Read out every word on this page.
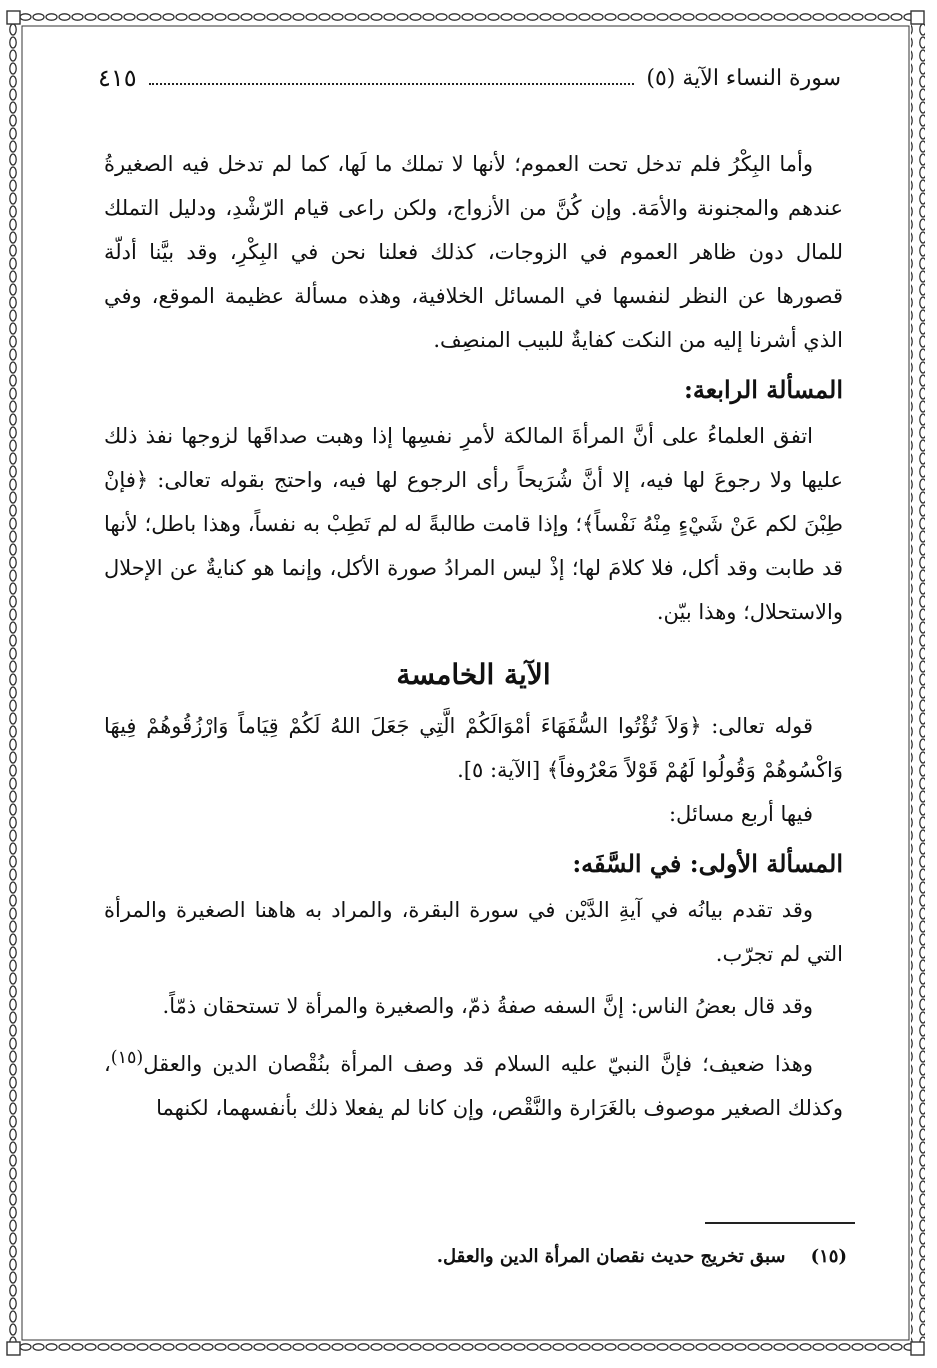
سورة النساء الآية (٥)
٤١٥

وأما البِكْرُ فلم تدخل تحت العموم؛ لأنها لا تملك ما لَها، كما لم تدخل فيه الصغيرةُ عندهم والمجنونة والأمَة. وإن كُنَّ من الأزواج، ولكن راعى قيام الرّشْدِ، ودليل التملك للمال دون ظاهر العموم في الزوجات، كذلك فعلنا نحن في البِكْرِ، وقد بيَّنا أدلّة قصورها عن النظر لنفسها في المسائل الخلافية، وهذه مسألة عظيمة الموقع، وفي الذي أشرنا إليه من النكت كفايةٌ للبيب المنصِف.

المسألة الرابعة:

اتفق العلماءُ على أنَّ المرأةَ المالكة لأمرِ نفسِها إذا وهبت صداقَها لزوجها نفذ ذلك عليها ولا رجوعَ لها فيه، إلا أنَّ شُرَيحاً رأى الرجوع لها فيه، واحتج بقوله تعالى: ﴿فإنْ طِبْنَ لكم عَنْ شَيْءٍ مِنْهُ نَفْساً﴾؛ وإذا قامت طالبةً له لم تَطِبْ به نفساً، وهذا باطل؛ لأنها قد طابت وقد أكل، فلا كلامَ لها؛ إذْ ليس المرادُ صورة الأكل، وإنما هو كنايةٌ عن الإحلال والاستحلال؛ وهذا بيّن.

الآية الخامسة

قوله تعالى: ﴿وَلاَ تُؤْتُوا السُّفَهَاءَ أمْوَالَكُمْ الَّتِي جَعَلَ اللهُ لَكُمْ قِيَاماً وَارْزُقُوهُمْ فِيهَا وَاكْسُوهُمْ وَقُولُوا لَهُمْ قَوْلاً مَعْرُوفاً﴾ [الآية: ٥].

فيها أربع مسائل:

المسألة الأولى: في السَّفَه:

وقد تقدم بيانُه في آيةِ الدَّيْن في سورة البقرة، والمراد به هاهنا الصغيرة والمرأة التي لم تجرّب.

وقد قال بعضُ الناس: إنَّ السفه صفةُ ذمّ، والصغيرة والمرأة لا تستحقان ذمّاً.

وهذا ضعيف؛ فإنَّ النبيّ عليه السلام قد وصف المرأة بنُقْصان الدين والعقل$^{(١٥)}$، وكذلك الصغير موصوف بالغَرَارة والنَّقْص، وإن كانا لم يفعلا ذلك بأنفسهما، لكنهما

(١٥)    سبق تخريج حديث نقصان المرأة الدين والعقل.
